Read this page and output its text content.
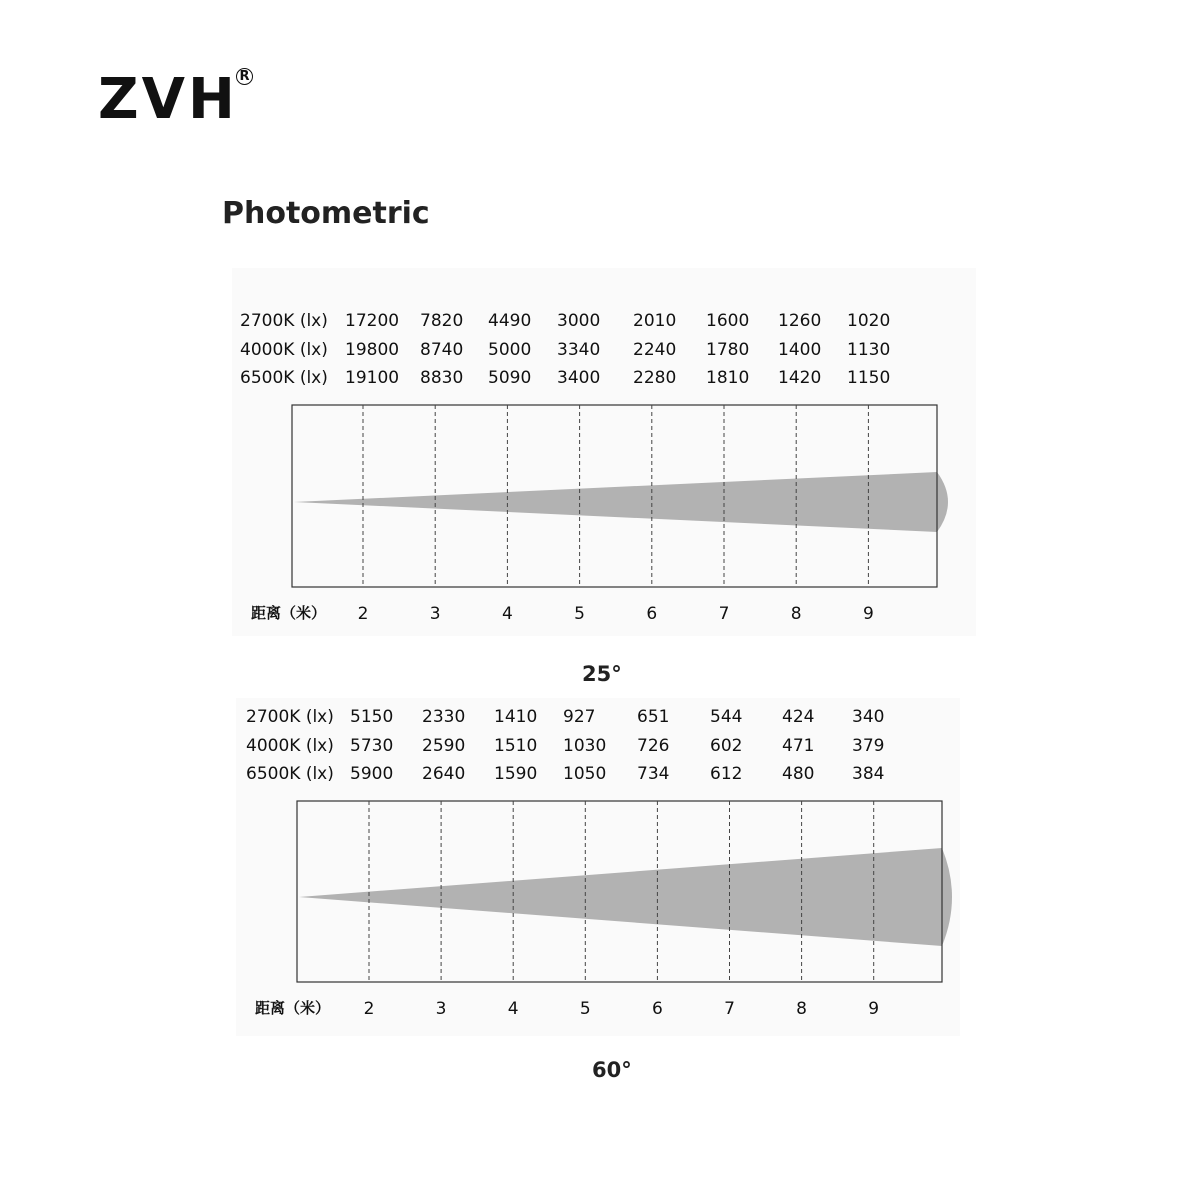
ZVH R
Photometric
2700K (lx) 17200 7820 4490 3000 2010 1600 1260 1020
4000K (lx) 19800 8740 5000 3340 2240 1780 1400 1130
6500K (lx) 19100 8830 5090 3400 2280 1810 1420 1150
2	3	4	5	6	7	8	9
距离（米）
25°
2700K (lx) 5150 2330 1410 927 651 544 424 340
4000K (lx) 5730 2590 1510 1030 726 602 471 379
6500K (lx) 5900 2640 1590 1050 734 612 480 384
2	3	4	5	6	7	8	9
距离（米）
60°
